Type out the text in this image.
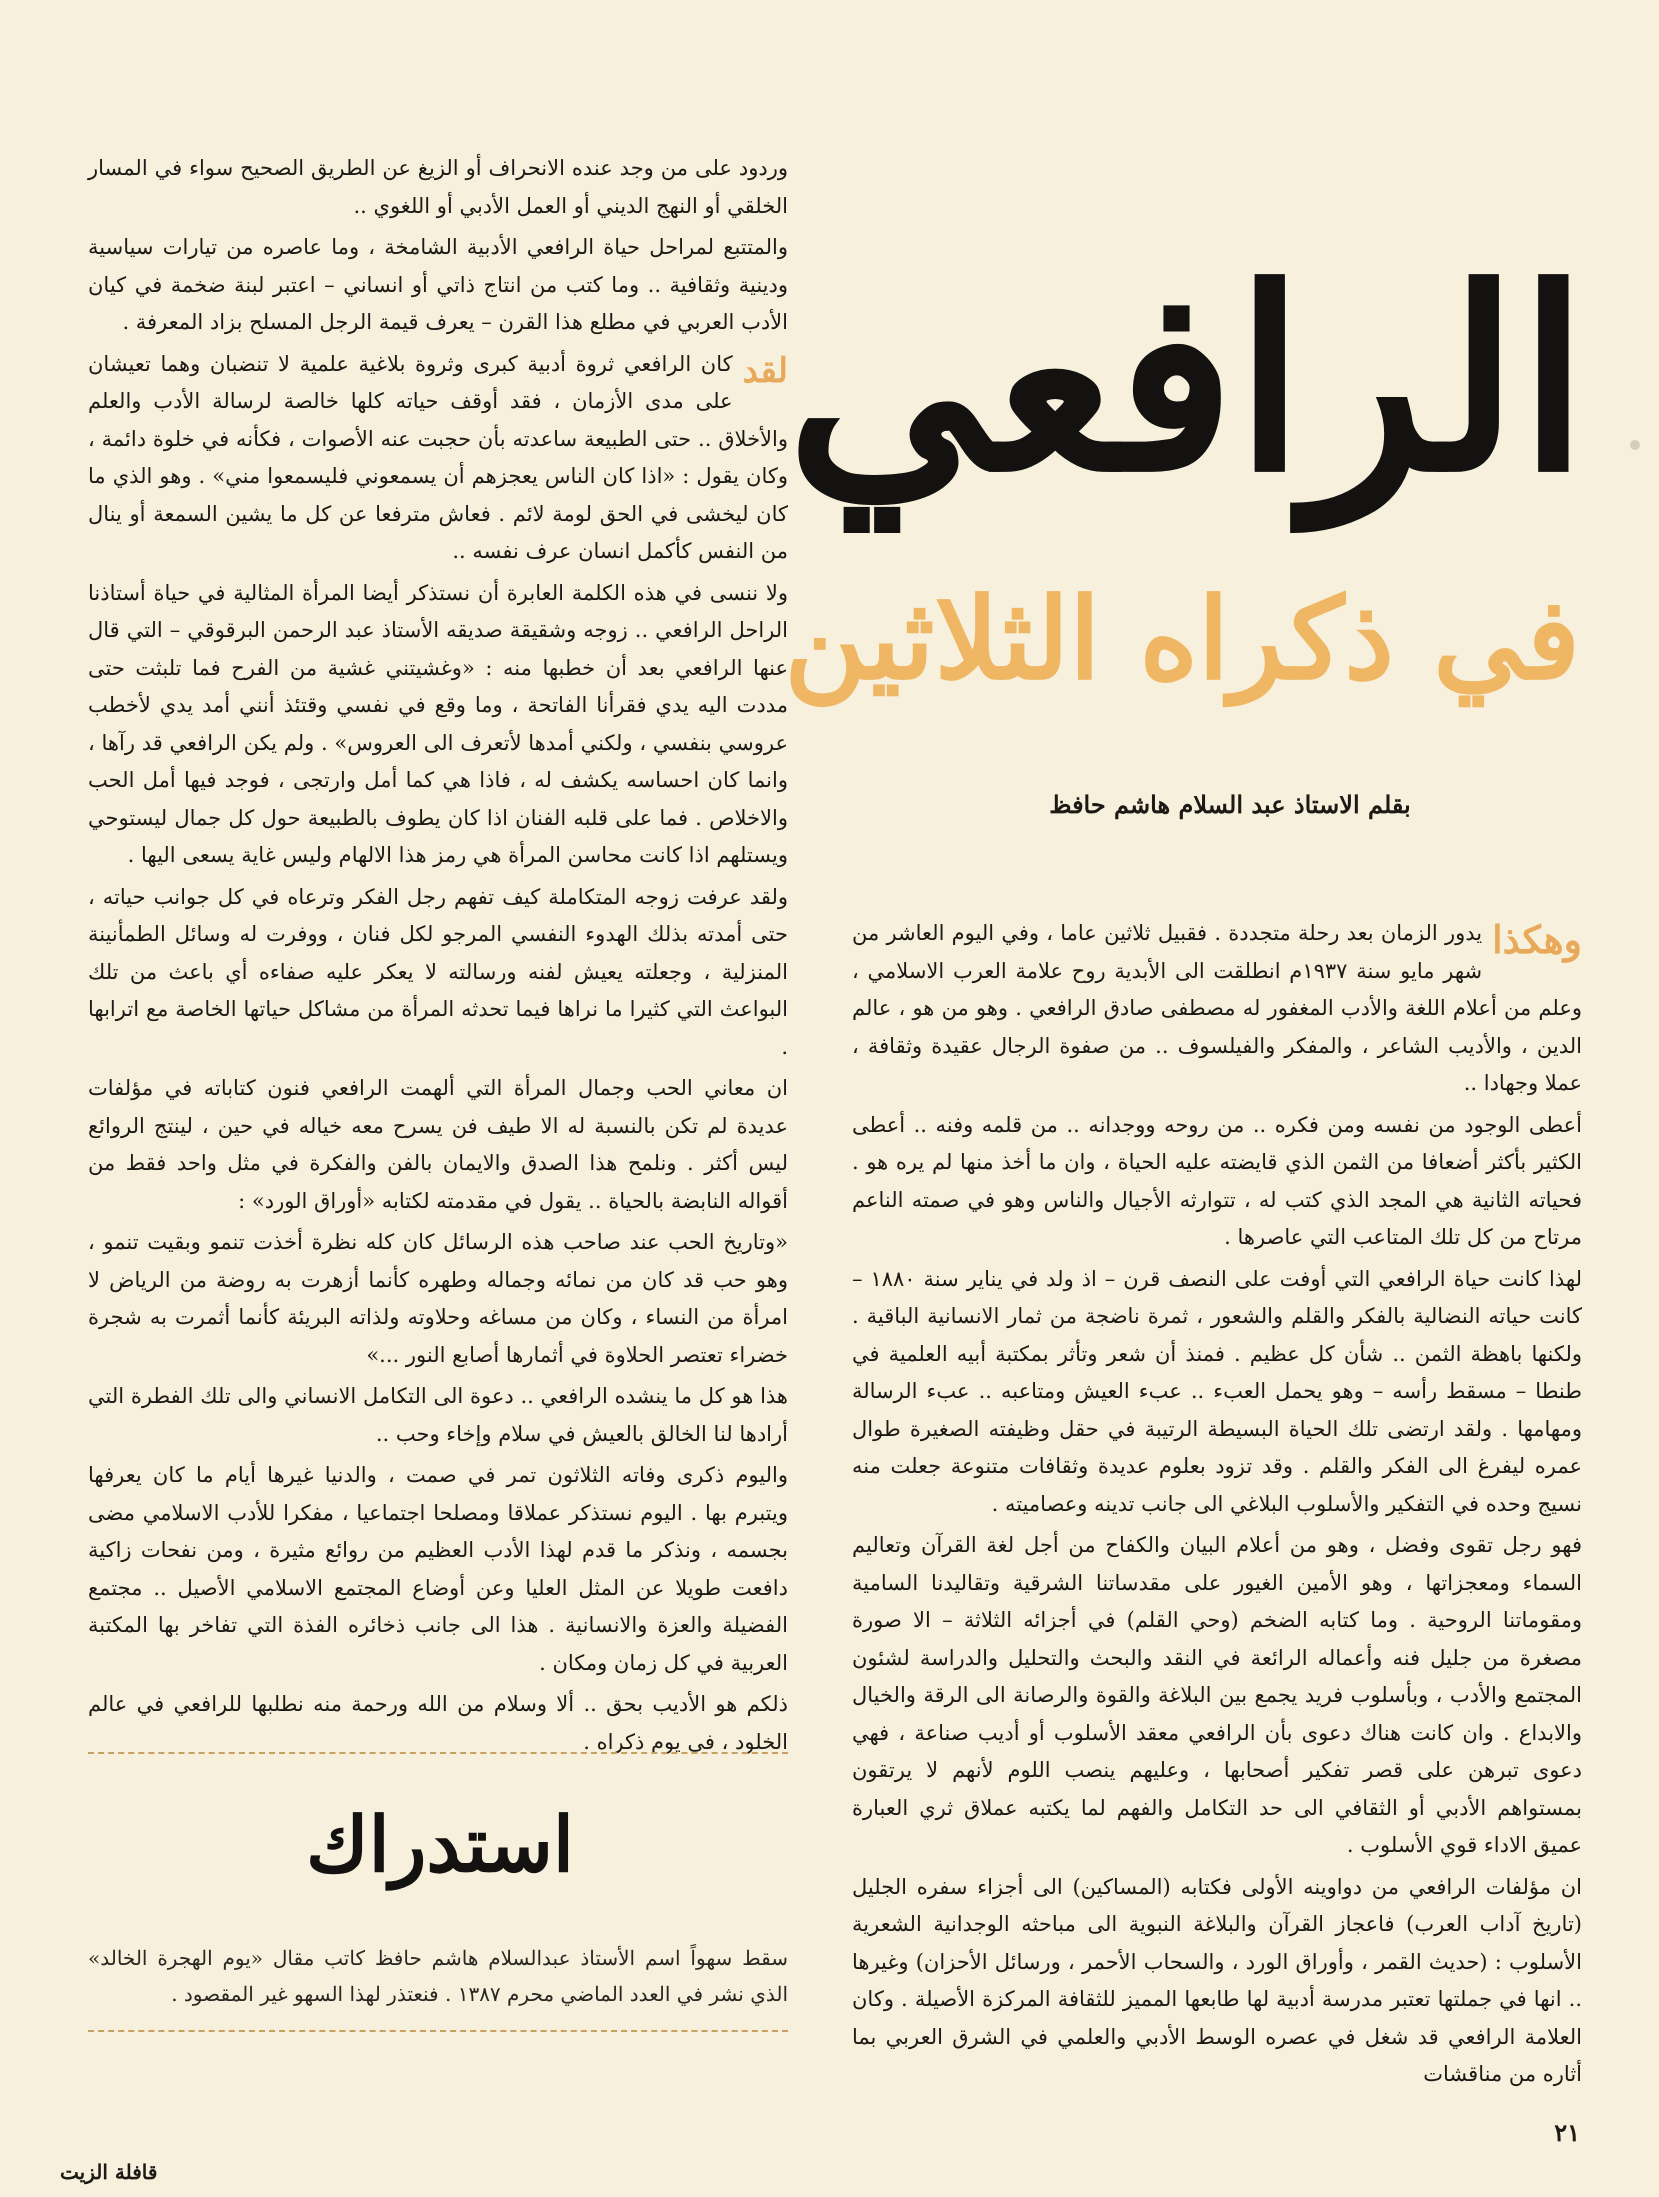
الرافعي
في ذكراه الثلاثين
بقلم الاستاذ عبد السلام هاشم حافظ

وردود على من وجد عنده الانحراف أو الزيغ عن الطريق الصحيح سواء في المسار الخلقي أو النهج الديني أو العمل الأدبي أو اللغوي ..

والمتتبع لمراحل حياة الرافعي الأدبية الشامخة ، وما عاصره من تيارات سياسية ودينية وثقافية .. وما كتب من انتاج ذاتي أو انساني – اعتبر لبنة ضخمة في كيان الأدب العربي في مطلع هذا القرن – يعرف قيمة الرجل المسلح بزاد المعرفة .

لقد
كان الرافعي ثروة أدبية كبرى وثروة بلاغية علمية لا تنضبان وهما تعيشان على مدى الأزمان ، فقد أوقف حياته كلها خالصة لرسالة الأدب والعلم والأخلاق .. حتى الطبيعة ساعدته بأن حجبت عنه الأصوات ، فكأنه في خلوة دائمة ، وكان يقول : «اذا كان الناس يعجزهم أن يسمعوني فليسمعوا مني» . وهو الذي ما كان ليخشى في الحق لومة لائم . فعاش مترفعا عن كل ما يشين السمعة أو ينال من النفس كأكمل انسان عرف نفسه ..

ولا ننسى في هذه الكلمة العابرة أن نستذكر أيضا المرأة المثالية في حياة أستاذنا الراحل الرافعي .. زوجه وشقيقة صديقه الأستاذ عبد الرحمن البرقوقي – التي قال عنها الرافعي بعد أن خطبها منه : «وغشيتني غشية من الفرح فما تلبثت حتى مددت اليه يدي فقرأنا الفاتحة ، وما وقع في نفسي وقتئذ أنني أمد يدي لأخطب عروسي بنفسي ، ولكني أمدها لأتعرف الى العروس» . ولم يكن الرافعي قد رآها ، وانما كان احساسه يكشف له ، فاذا هي كما أمل وارتجى ، فوجد فيها أمل الحب والاخلاص . فما على قلبه الفنان اذا كان يطوف بالطبيعة حول كل جمال ليستوحي ويستلهم اذا كانت محاسن المرأة هي رمز هذا الالهام وليس غاية يسعى اليها .

ولقد عرفت زوجه المتكاملة كيف تفهم رجل الفكر وترعاه في كل جوانب حياته ، حتى أمدته بذلك الهدوء النفسي المرجو لكل فنان ، ووفرت له وسائل الطمأنينة المنزلية ، وجعلته يعيش لفنه ورسالته لا يعكر عليه صفاءه أي باعث من تلك البواعث التي كثيرا ما نراها فيما تحدثه المرأة من مشاكل حياتها الخاصة مع اترابها .

ان معاني الحب وجمال المرأة التي ألهمت الرافعي فنون كتاباته في مؤلفات عديدة لم تكن بالنسبة له الا طيف فن يسرح معه خياله في حين ، لينتج الروائع ليس أكثر . ونلمح هذا الصدق والايمان بالفن والفكرة في مثل واحد فقط من أقواله النابضة بالحياة .. يقول في مقدمته لكتابه «أوراق الورد» :

«وتاريخ الحب عند صاحب هذه الرسائل كان كله نظرة أخذت تنمو وبقيت تنمو ، وهو حب قد كان من نمائه وجماله وطهره كأنما أزهرت به روضة من الرياض لا امرأة من النساء ، وكان من مساغه وحلاوته ولذاته البريئة كأنما أثمرت به شجرة خضراء تعتصر الحلاوة في أثمارها أصابع النور ...»

هذا هو كل ما ينشده الرافعي .. دعوة الى التكامل الانساني والى تلك الفطرة التي أرادها لنا الخالق بالعيش في سلام وإخاء وحب ..

واليوم ذكرى وفاته الثلاثون تمر في صمت ، والدنيا غيرها أيام ما كان يعرفها ويتبرم بها . اليوم نستذكر عملاقا ومصلحا اجتماعيا ، مفكرا للأدب الاسلامي مضى بجسمه ، ونذكر ما قدم لهذا الأدب العظيم من روائع مثيرة ، ومن نفحات زاكية دافعت طويلا عن المثل العليا وعن أوضاع المجتمع الاسلامي الأصيل .. مجتمع الفضيلة والعزة والانسانية . هذا الى جانب ذخائره الفذة التي تفاخر بها المكتبة العربية في كل زمان ومكان .

ذلكم هو الأديب بحق .. ألا وسلام من الله ورحمة منه نطلبها للرافعي في عالم الخلود ، في يوم ذكراه .

استدراك
سقط سهواً اسم الأستاذ عبدالسلام هاشم حافظ كاتب مقال «يوم الهجرة الخالد» الذي نشر في العدد الماضي محرم ١٣٨٧ . فنعتذر لهذا السهو غير المقصود .

وهكذا
يدور الزمان بعد رحلة متجددة . فقبيل ثلاثين عاما ، وفي اليوم العاشر من شهر مايو سنة ١٩٣٧م انطلقت الى الأبدية روح علامة العرب الاسلامي ، وعلم من أعلام اللغة والأدب المغفور له مصطفى صادق الرافعي . وهو من هو ، عالم الدين ، والأديب الشاعر ، والمفكر والفيلسوف .. من صفوة الرجال عقيدة وثقافة ، عملا وجهادا ..

أعطى الوجود من نفسه ومن فكره .. من روحه ووجدانه .. من قلمه وفنه .. أعطى الكثير بأكثر أضعافا من الثمن الذي قايضته عليه الحياة ، وان ما أخذ منها لم يره هو . فحياته الثانية هي المجد الذي كتب له ، تتوارثه الأجيال والناس وهو في صمته الناعم مرتاح من كل تلك المتاعب التي عاصرها .

لهذا كانت حياة الرافعي التي أوفت على النصف قرن – اذ ولد في يناير سنة ١٨٨٠ – كانت حياته النضالية بالفكر والقلم والشعور ، ثمرة ناضجة من ثمار الانسانية الباقية . ولكنها باهظة الثمن .. شأن كل عظيم . فمنذ أن شعر وتأثر بمكتبة أبيه العلمية في طنطا – مسقط رأسه – وهو يحمل العبء .. عبء العيش ومتاعبه .. عبء الرسالة ومهامها . ولقد ارتضى تلك الحياة البسيطة الرتيبة في حقل وظيفته الصغيرة طوال عمره ليفرغ الى الفكر والقلم . وقد تزود بعلوم عديدة وثقافات متنوعة جعلت منه نسيج وحده في التفكير والأسلوب البلاغي الى جانب تدينه وعصاميته .

فهو رجل تقوى وفضل ، وهو من أعلام البيان والكفاح من أجل لغة القرآن وتعاليم السماء ومعجزاتها ، وهو الأمين الغيور على مقدساتنا الشرقية وتقاليدنا السامية ومقوماتنا الروحية . وما كتابه الضخم (وحي القلم) في أجزائه الثلاثة – الا صورة مصغرة من جليل فنه وأعماله الرائعة في النقد والبحث والتحليل والدراسة لشئون المجتمع والأدب ، وبأسلوب فريد يجمع بين البلاغة والقوة والرصانة الى الرقة والخيال والابداع . وان كانت هناك دعوى بأن الرافعي معقد الأسلوب أو أديب صناعة ، فهي دعوى تبرهن على قصر تفكير أصحابها ، وعليهم ينصب اللوم لأنهم لا يرتقون بمستواهم الأدبي أو الثقافي الى حد التكامل والفهم لما يكتبه عملاق ثري العبارة عميق الاداء قوي الأسلوب .

ان مؤلفات الرافعي من دواوينه الأولى فكتابه (المساكين) الى أجزاء سفره الجليل (تاريخ آداب العرب) فاعجاز القرآن والبلاغة النبوية الى مباحثه الوجدانية الشعرية الأسلوب : (حديث القمر ، وأوراق الورد ، والسحاب الأحمر ، ورسائل الأحزان) وغيرها .. انها في جملتها تعتبر مدرسة أدبية لها طابعها المميز للثقافة المركزة الأصيلة . وكان العلامة الرافعي قد شغل في عصره الوسط الأدبي والعلمي في الشرق العربي بما أثاره من مناقشات

٢١
قافلة الزيت
